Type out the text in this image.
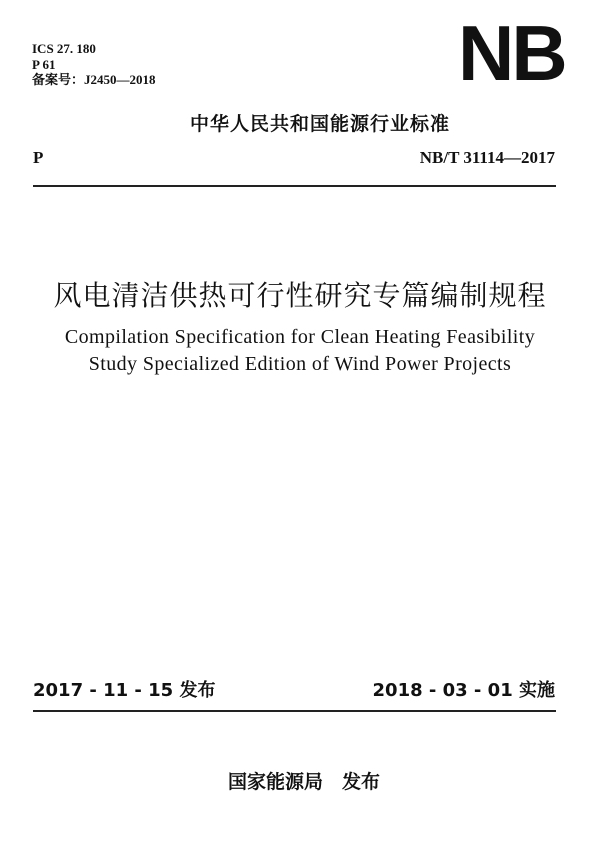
ICS 27. 180
P 61
备案号：J2450—2018	NB
中华人民共和国能源行业标准
P	NB/T 31114—2017
风电清洁供热可行性研究专篇编制规程
Compilation Specification for Clean Heating Feasibility
Study Specialized Edition of Wind Power Projects
2017 - 11 - 15 发布	2018 - 03 - 01 实施
国家能源局　发布
